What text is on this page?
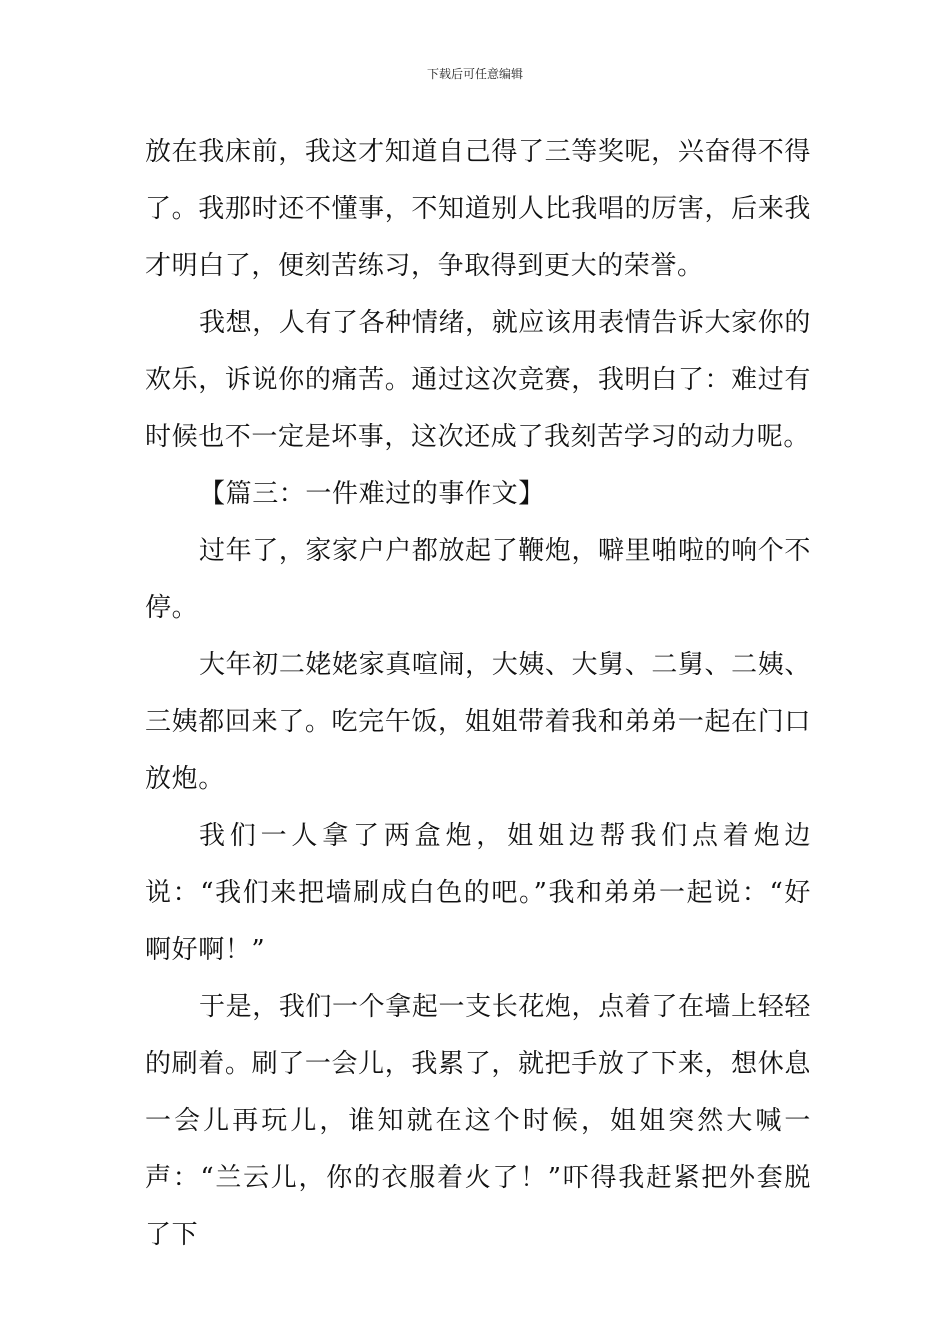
下载后可任意编辑

放在我床前，我这才知道自己得了三等奖呢，兴奋得不得了。我那时还不懂事，不知道别人比我唱的厉害，后来我才明白了，便刻苦练习，争取得到更大的荣誉。

我想，人有了各种情绪，就应该用表情告诉大家你的欢乐，诉说你的痛苦。通过这次竞赛，我明白了：难过有时候也不一定是坏事，这次还成了我刻苦学习的动力呢。

【篇三：一件难过的事作文】

过年了，家家户户都放起了鞭炮，噼里啪啦的响个不停。

大年初二姥姥家真喧闹，大姨、大舅、二舅、二姨、三姨都回来了。吃完午饭，姐姐带着我和弟弟一起在门口放炮。

我们一人拿了两盒炮，姐姐边帮我们点着炮边说：“我们来把墙刷成白色的吧。”我和弟弟一起说：“好啊好啊！”

于是，我们一个拿起一支长花炮，点着了在墙上轻轻的刷着。刷了一会儿，我累了，就把手放了下来，想休息一会儿再玩儿，谁知就在这个时候，姐姐突然大喊一声：“兰云儿，你的衣服着火了！”吓得我赶紧把外套脱了下
